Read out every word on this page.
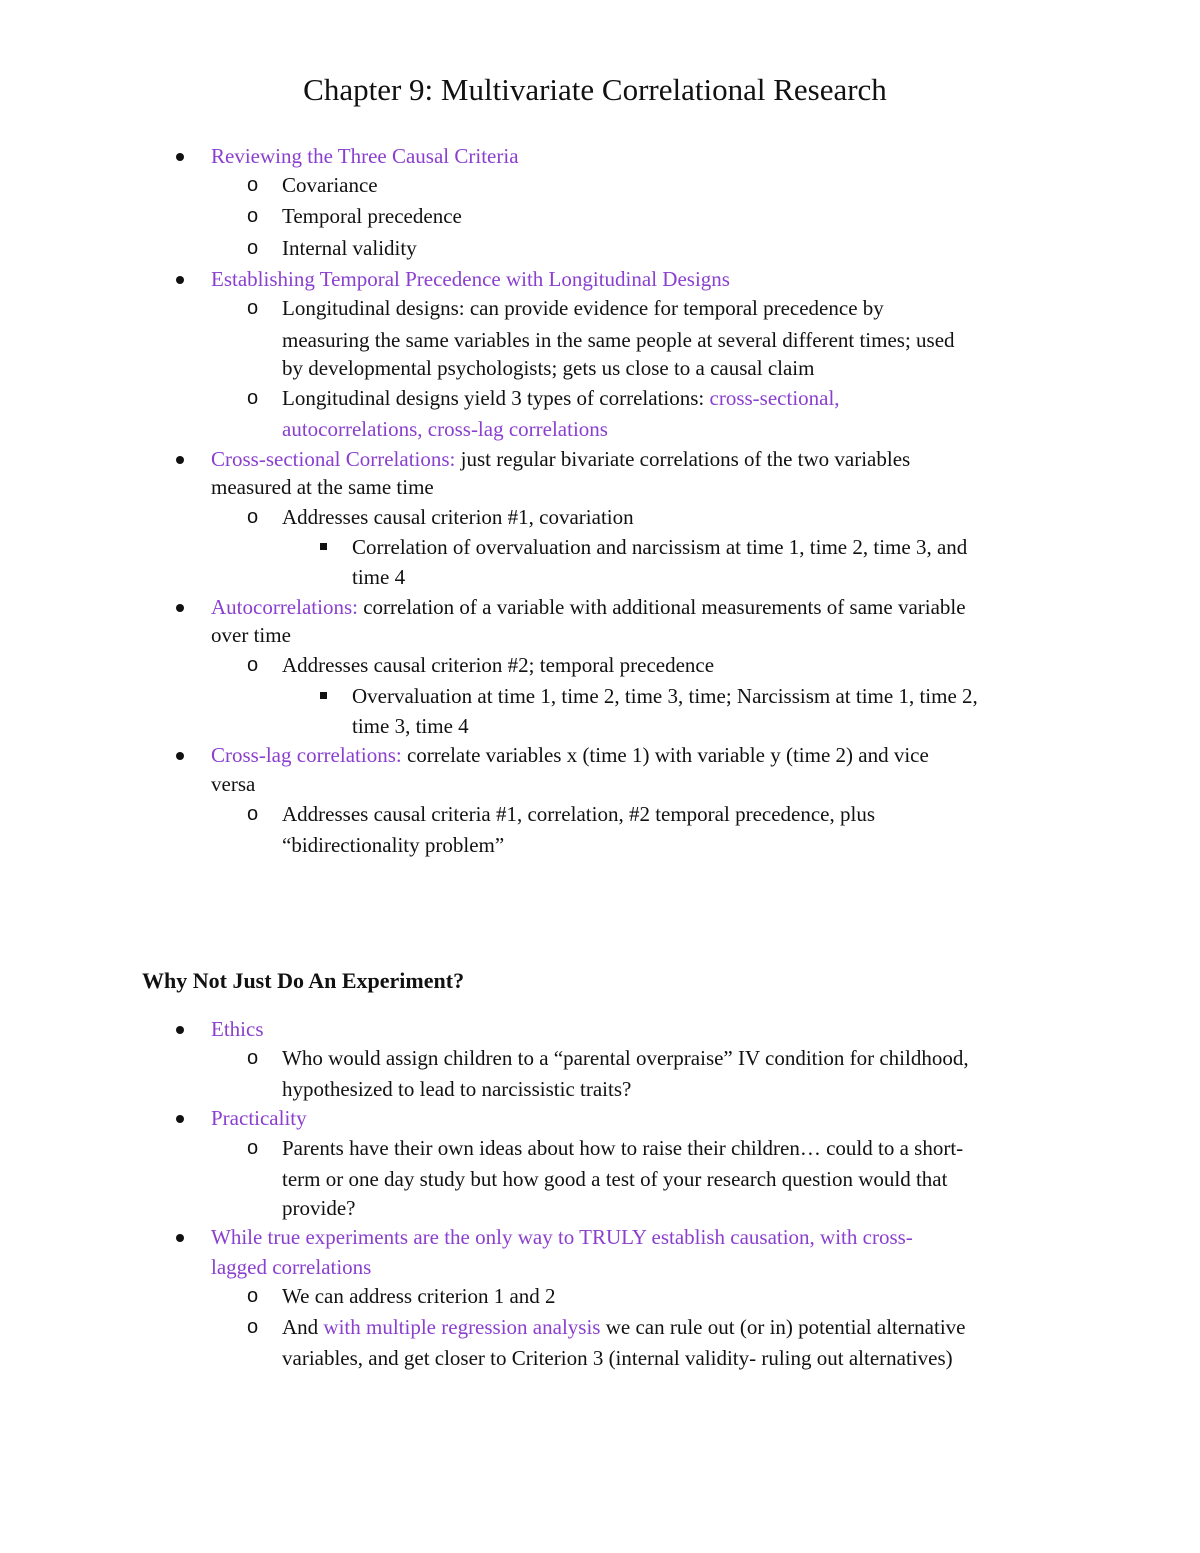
Chapter 9: Multivariate Correlational Research
Reviewing the Three Causal Criteria
o Covariance
o Temporal precedence
o Internal validity
Establishing Temporal Precedence with Longitudinal Designs
o Longitudinal designs: can provide evidence for temporal precedence by
measuring the same variables in the same people at several different times; used
by developmental psychologists; gets us close to a causal claim
o Longitudinal designs yield 3 types of correlations: cross-sectional,
autocorrelations, cross-lag correlations
Cross-sectional Correlations: just regular bivariate correlations of the two variables
measured at the same time
o Addresses causal criterion #1, covariation
Correlation of overvaluation and narcissism at time 1, time 2, time 3, and
time 4
Autocorrelations: correlation of a variable with additional measurements of same variable
over time
o Addresses causal criterion #2; temporal precedence
Overvaluation at time 1, time 2, time 3, time; Narcissism at time 1, time 2,
time 3, time 4
Cross-lag correlations: correlate variables x (time 1) with variable y (time 2) and vice
versa
o Addresses causal criteria #1, correlation, #2 temporal precedence, plus
“bidirectionality problem”
Why Not Just Do An Experiment?
Ethics
o Who would assign children to a “parental overpraise” IV condition for childhood,
hypothesized to lead to narcissistic traits?
Practicality
o Parents have their own ideas about how to raise their children… could to a short-
term or one day study but how good a test of your research question would that
provide?
While true experiments are the only way to TRULY establish causation, with cross-
lagged correlations
o We can address criterion 1 and 2
o And with multiple regression analysis we can rule out (or in) potential alternative
variables, and get closer to Criterion 3 (internal validity- ruling out alternatives)
